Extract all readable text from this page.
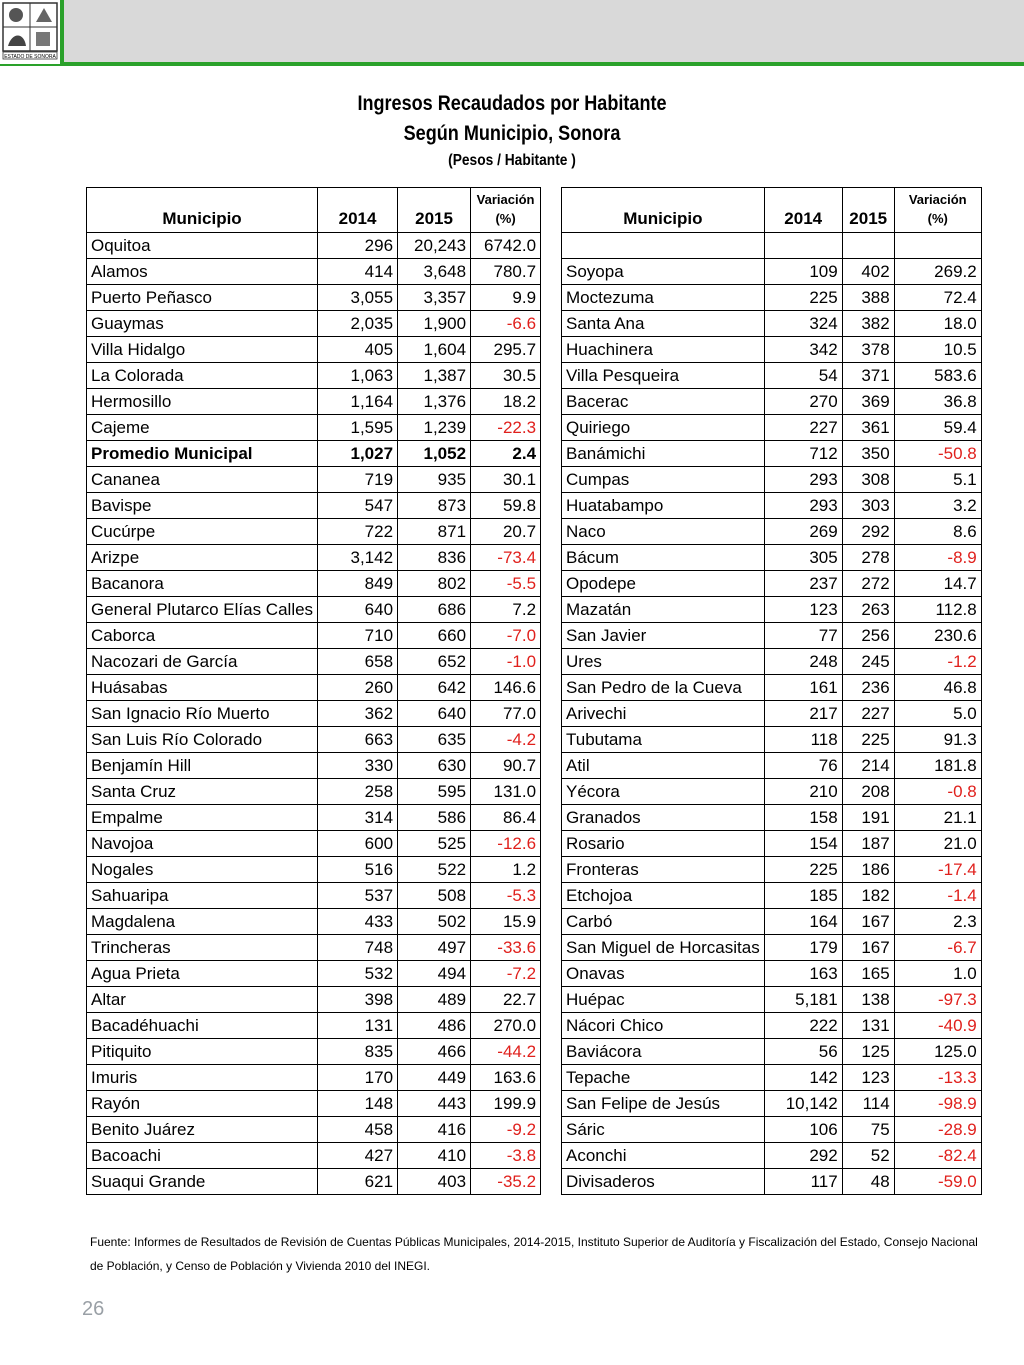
ESTADO DE SONORA
Ingresos Recaudados por Habitante
Según Municipio, Sonora
(Pesos / Habitante )
Municipio	2014	2015	Variación
(%)

Oquitoa	296	20,243	6742.0
Alamos	414	3,648	780.7
Puerto Peñasco	3,055	3,357	9.9
Guaymas	2,035	1,900	-6.6
Villa Hidalgo	405	1,604	295.7
La Colorada	1,063	1,387	30.5
Hermosillo	1,164	1,376	18.2
Cajeme	1,595	1,239	-22.3
Promedio Municipal	1,027	1,052	2.4
Cananea	719	935	30.1
Bavispe	547	873	59.8
Cucúrpe	722	871	20.7
Arizpe	3,142	836	-73.4
Bacanora	849	802	-5.5
General Plutarco Elías Calles	640	686	7.2
Caborca	710	660	-7.0
Nacozari de García	658	652	-1.0
Huásabas	260	642	146.6
San Ignacio Río Muerto	362	640	77.0
San Luis Río Colorado	663	635	-4.2
Benjamín Hill	330	630	90.7
Santa Cruz	258	595	131.0
Empalme	314	586	86.4
Navojoa	600	525	-12.6
Nogales	516	522	1.2
Sahuaripa	537	508	-5.3
Magdalena	433	502	15.9
Trincheras	748	497	-33.6
Agua Prieta	532	494	-7.2
Altar	398	489	22.7
Bacadéhuachi	131	486	270.0
Pitiquito	835	466	-44.2
Imuris	170	449	163.6
Rayón	148	443	199.9
Benito Juárez	458	416	-9.2
Bacoachi	427	410	-3.8
Suaqui Grande	621	403	-35.2
Municipio	2014	2015	Variación
(%)

Soyopa	109	402	269.2
Moctezuma	225	388	72.4
Santa Ana	324	382	18.0
Huachinera	342	378	10.5
Villa Pesqueira	54	371	583.6
Bacerac	270	369	36.8
Quiriego	227	361	59.4
Banámichi	712	350	-50.8
Cumpas	293	308	5.1
Huatabampo	293	303	3.2
Naco	269	292	8.6
Bácum	305	278	-8.9
Opodepe	237	272	14.7
Mazatán	123	263	112.8
San Javier	77	256	230.6
Ures	248	245	-1.2
San Pedro de la Cueva	161	236	46.8
Arivechi	217	227	5.0
Tubutama	118	225	91.3
Atil	76	214	181.8
Yécora	210	208	-0.8
Granados	158	191	21.1
Rosario	154	187	21.0
Fronteras	225	186	-17.4
Etchojoa	185	182	-1.4
Carbó	164	167	2.3
San Miguel de Horcasitas	179	167	-6.7
Onavas	163	165	1.0
Huépac	5,181	138	-97.3
Nácori Chico	222	131	-40.9
Baviácora	56	125	125.0
Tepache	142	123	-13.3
San Felipe de Jesús	10,142	114	-98.9
Sáric	106	75	-28.9
Aconchi	292	52	-82.4
Divisaderos	117	48	-59.0
Fuente: Informes de Resultados de Revisión de Cuentas Públicas Municipales, 2014-2015, Instituto Superior de Auditoría y Fiscalización del Estado, Consejo Nacional de Población, y Censo de Población y Vivienda 2010 del INEGI.
26
